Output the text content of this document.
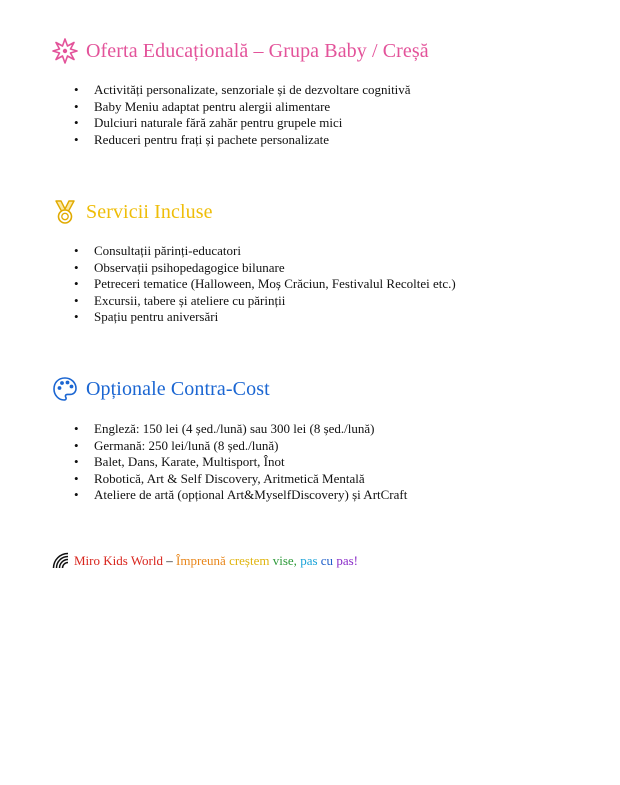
Oferta Educațională – Grupa Baby / Creșă
• Activități personalizate, senzoriale și de dezvoltare cognitivă
• Baby Meniu adaptat pentru alergii alimentare
• Dulciuri naturale fără zahăr pentru grupele mici
• Reduceri pentru frați și pachete personalizate
Servicii Incluse
• Consultații părinți-educatori
• Observații psihopedagogice bilunare
• Petreceri tematice (Halloween, Moș Crăciun, Festivalul Recoltei etc.)
• Excursii, tabere și ateliere cu părinții
• Spațiu pentru aniversări
Opționale Contra-Cost
• Engleză: 150 lei (4 șed./lună) sau 300 lei (8 șed./lună)
• Germană: 250 lei/lună (8 șed./lună)
• Balet, Dans, Karate, Multisport, Înot
• Robotică, Art & Self Discovery, Aritmetică Mentală
• Ateliere de artă (opțional Art&MyselfDiscovery) și ArtCraft
Miro Kids World – Împreună
creștem
vise,
pas
cu
pas!
